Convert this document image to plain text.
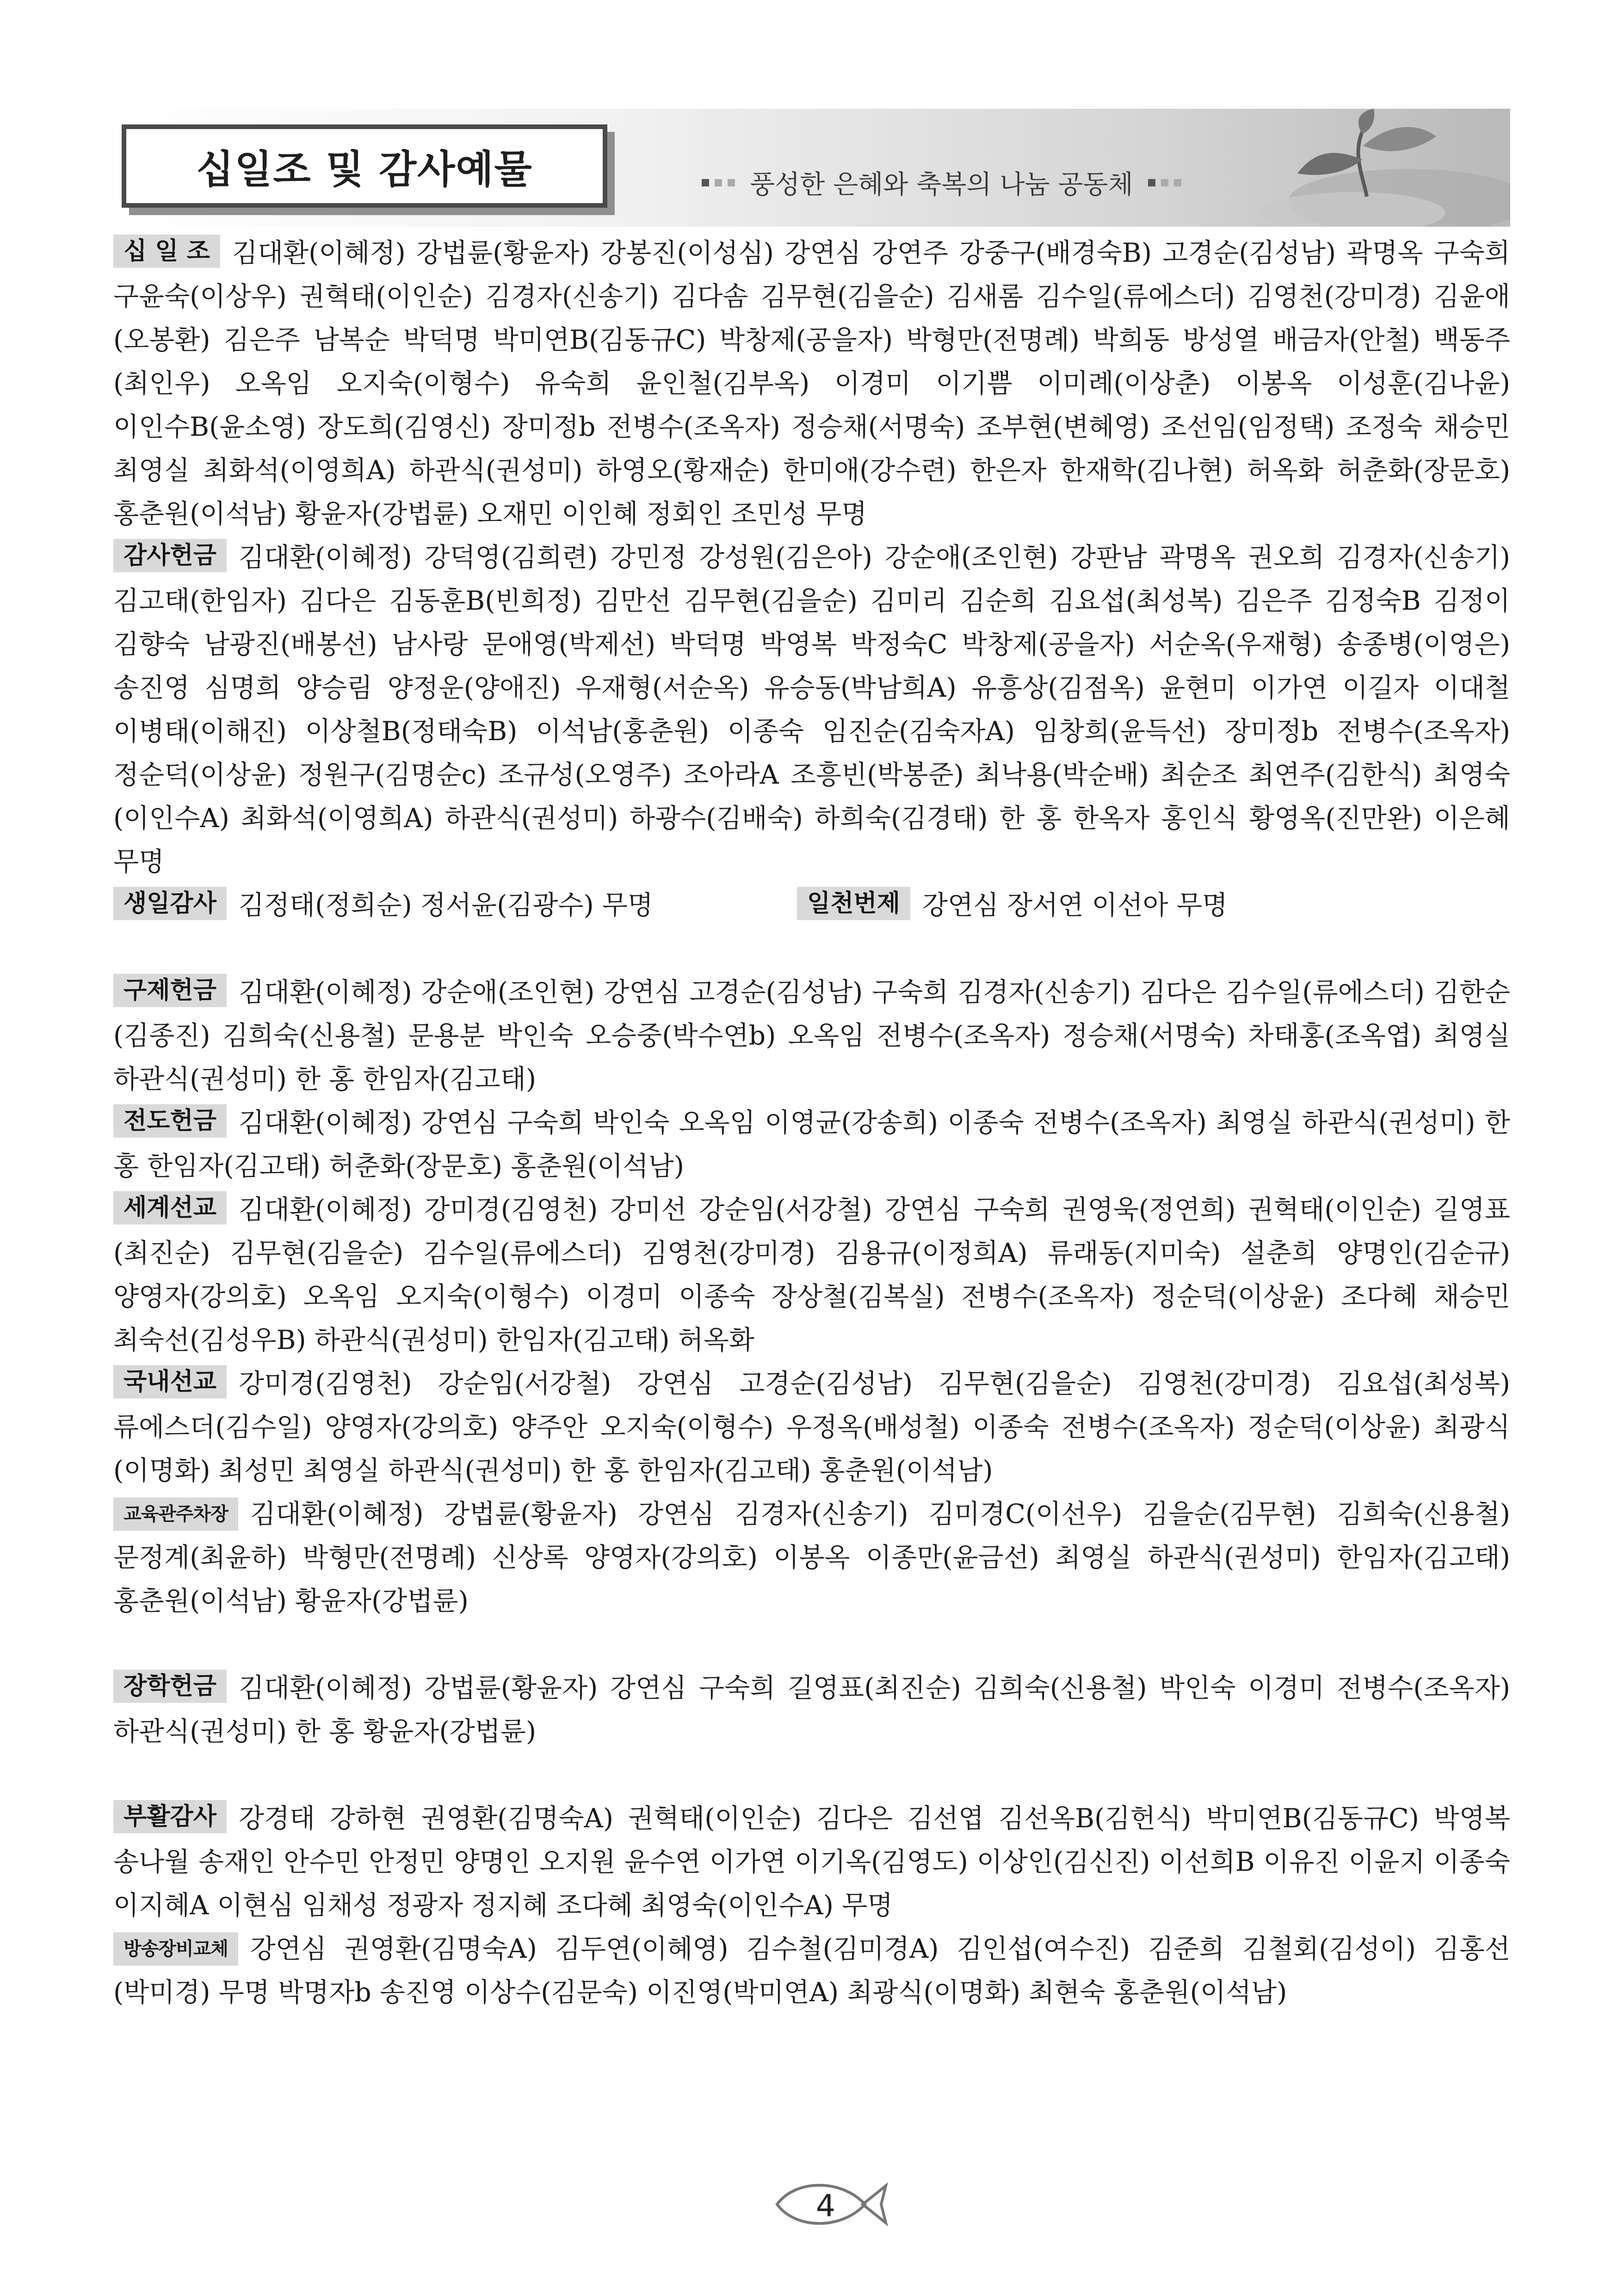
십일조 및 감사예물	풍성한 은혜와 축복의 나눔 공동체
십 일 조 김대환(이혜정) 강법륜(황윤자) 강봉진(이성심) 강연심 강연주 강중구(배경숙B) 고경순(김성남) 곽명옥 구숙희 구윤숙(이상우) 권혁태(이인순) 김경자(신송기) 김다솜 김무현(김을순) 김새롬 김수일(류에스더) 김영천(강미경) 김윤애(오봉환) 김은주 남복순 박덕명 박미연B(김동규C) 박창제(공을자) 박형만(전명례) 박희동 방성열 배금자(안철) 백동주(최인우) 오옥임 오지숙(이형수) 유숙희 윤인철(김부옥) 이경미 이기쁨 이미례(이상춘) 이봉옥 이성훈(김나윤) 이인수B(윤소영) 장도희(김영신) 장미정b 전병수(조옥자) 정승채(서명숙) 조부현(변혜영) 조선임(임정택) 조정숙 채승민 최영실 최화석(이영희A) 하관식(권성미) 하영오(황재순) 한미애(강수련) 한은자 한재학(김나현) 허옥화 허춘화(장문호) 홍춘원(이석남) 황윤자(강법륜) 오재민 이인혜 정회인 조민성 무명
감사헌금 김대환(이혜정) 강덕영(김희련) 강민정 강성원(김은아) 강순애(조인현) 강판남 곽명옥 권오희 김경자(신송기) 김고태(한임자) 김다은 김동훈B(빈희정) 김만선 김무현(김을순) 김미리 김순희 김요섭(최성복) 김은주 김정숙B 김정이 김향숙 남광진(배봉선) 남사랑 문애영(박제선) 박덕명 박영복 박정숙C 박창제(공을자) 서순옥(우재형) 송종병(이영은) 송진영 심명희 양승림 양정운(양애진) 우재형(서순옥) 유승동(박남희A) 유흥상(김점옥) 윤현미 이가연 이길자 이대철 이병태(이해진) 이상철B(정태숙B) 이석남(홍춘원) 이종숙 임진순(김숙자A) 임창희(윤득선) 장미정b 전병수(조옥자) 정순덕(이상윤) 정원구(김명순c) 조규성(오영주) 조아라A 조흥빈(박봉준) 최낙용(박순배) 최순조 최연주(김한식) 최영숙(이인수A) 최화석(이영희A) 하관식(권성미) 하광수(김배숙) 하희숙(김경태) 한 홍 한옥자 홍인식 황영옥(진만완) 이은혜 무명
생일감사 김정태(정희순) 정서윤(김광수) 무명	일천번제 강연심 장서연 이선아 무명
구제헌금 김대환(이혜정) 강순애(조인현) 강연심 고경순(김성남) 구숙희 김경자(신송기) 김다은 김수일(류에스더) 김한순(김종진) 김희숙(신용철) 문용분 박인숙 오승중(박수연b) 오옥임 전병수(조옥자) 정승채(서명숙) 차태홍(조옥엽) 최영실 하관식(권성미) 한 홍 한임자(김고태)
전도헌금 김대환(이혜정) 강연심 구숙희 박인숙 오옥임 이영균(강송희) 이종숙 전병수(조옥자) 최영실 하관식(권성미) 한 홍 한임자(김고태) 허춘화(장문호) 홍춘원(이석남)
세계선교 김대환(이혜정) 강미경(김영천) 강미선 강순임(서강철) 강연심 구숙희 권영욱(정연희) 권혁태(이인순) 길영표(최진순) 김무현(김을순) 김수일(류에스더) 김영천(강미경) 김용규(이정희A) 류래동(지미숙) 설춘희 양명인(김순규) 양영자(강의호) 오옥임 오지숙(이형수) 이경미 이종숙 장상철(김복실) 전병수(조옥자) 정순덕(이상윤) 조다혜 채승민 최숙선(김성우B) 하관식(권성미) 한임자(김고태) 허옥화
국내선교 강미경(김영천) 강순임(서강철) 강연심 고경순(김성남) 김무현(김을순) 김영천(강미경) 김요섭(최성복) 류에스더(김수일) 양영자(강의호) 양주안 오지숙(이형수) 우정옥(배성철) 이종숙 전병수(조옥자) 정순덕(이상윤) 최광식(이명화) 최성민 최영실 하관식(권성미) 한 홍 한임자(김고태) 홍춘원(이석남)
교육관주차장 김대환(이혜정) 강법륜(황윤자) 강연심 김경자(신송기) 김미경C(이선우) 김을순(김무현) 김희숙(신용철) 문정계(최윤하) 박형만(전명례) 신상록 양영자(강의호) 이봉옥 이종만(윤금선) 최영실 하관식(권성미) 한임자(김고태) 홍춘원(이석남) 황윤자(강법륜)
장학헌금 김대환(이혜정) 강법륜(황윤자) 강연심 구숙희 길영표(최진순) 김희숙(신용철) 박인숙 이경미 전병수(조옥자) 하관식(권성미) 한 홍 황윤자(강법륜)
부활감사 강경태 강하현 권영환(김명숙A) 권혁태(이인순) 김다은 김선엽 김선옥B(김헌식) 박미연B(김동규C) 박영복 송나월 송재인 안수민 안정민 양명인 오지원 윤수연 이가연 이기옥(김영도) 이상인(김신진) 이선희B 이유진 이윤지 이종숙 이지혜A 이현심 임채성 정광자 정지혜 조다혜 최영숙(이인수A) 무명
방송장비교체 강연심 권영환(김명숙A) 김두연(이혜영) 김수철(김미경A) 김인섭(여수진) 김준희 김철회(김성이) 김홍선(박미경) 무명 박명자b 송진영 이상수(김문숙) 이진영(박미연A) 최광식(이명화) 최현숙 홍춘원(이석남)
4
